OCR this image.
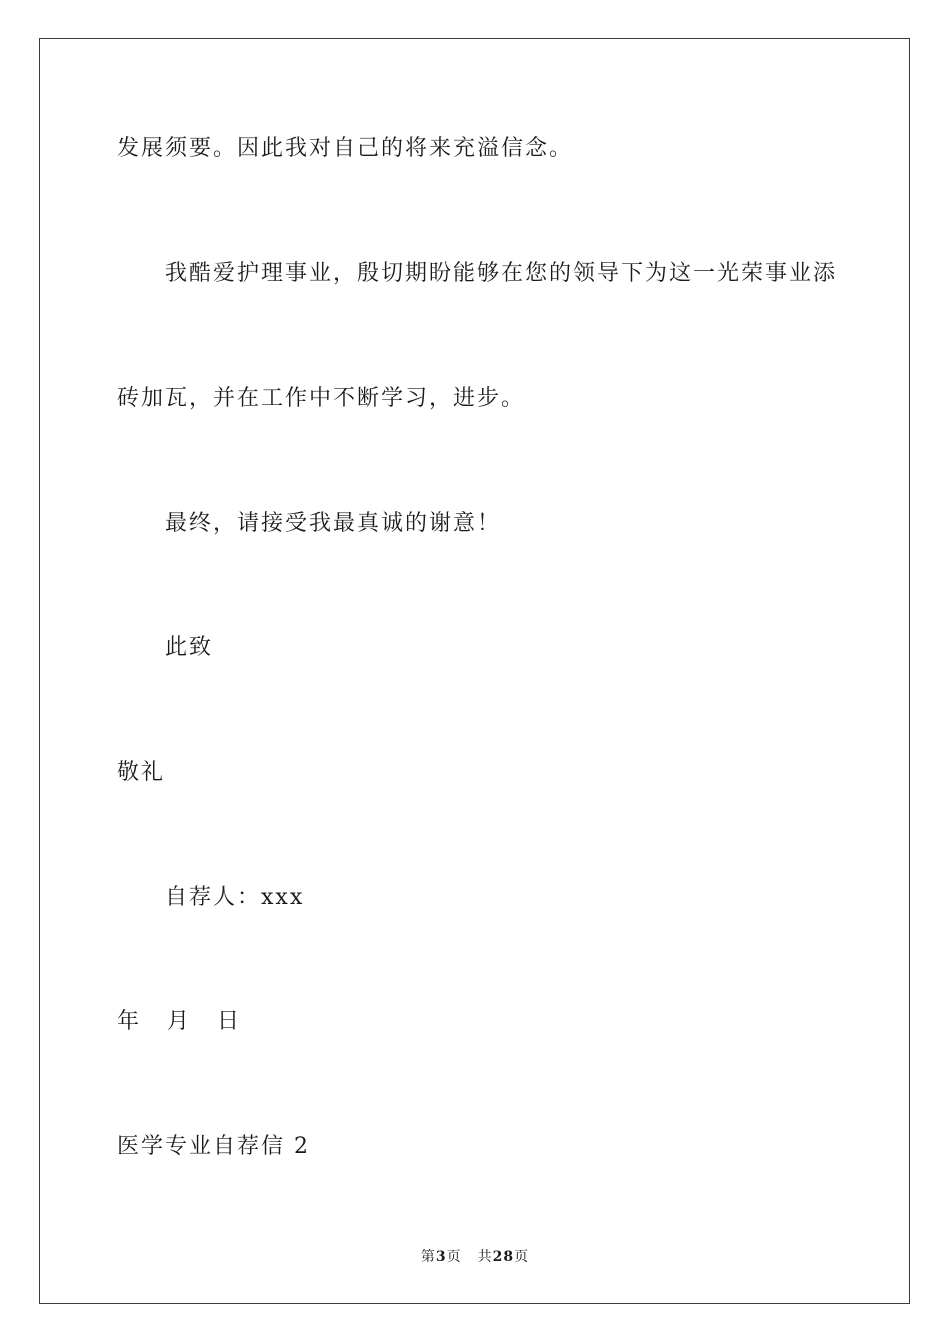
发展须要。因此我对自己的将来充溢信念。
我酷爱护理事业，殷切期盼能够在您的领导下为这一光荣事业添
砖加瓦，并在工作中不断学习，进步。
最终，请接受我最真诚的谢意！
此致
敬礼
自荐人：xxx
年 月 日
医学专业自荐信 2
第3页 共28页
